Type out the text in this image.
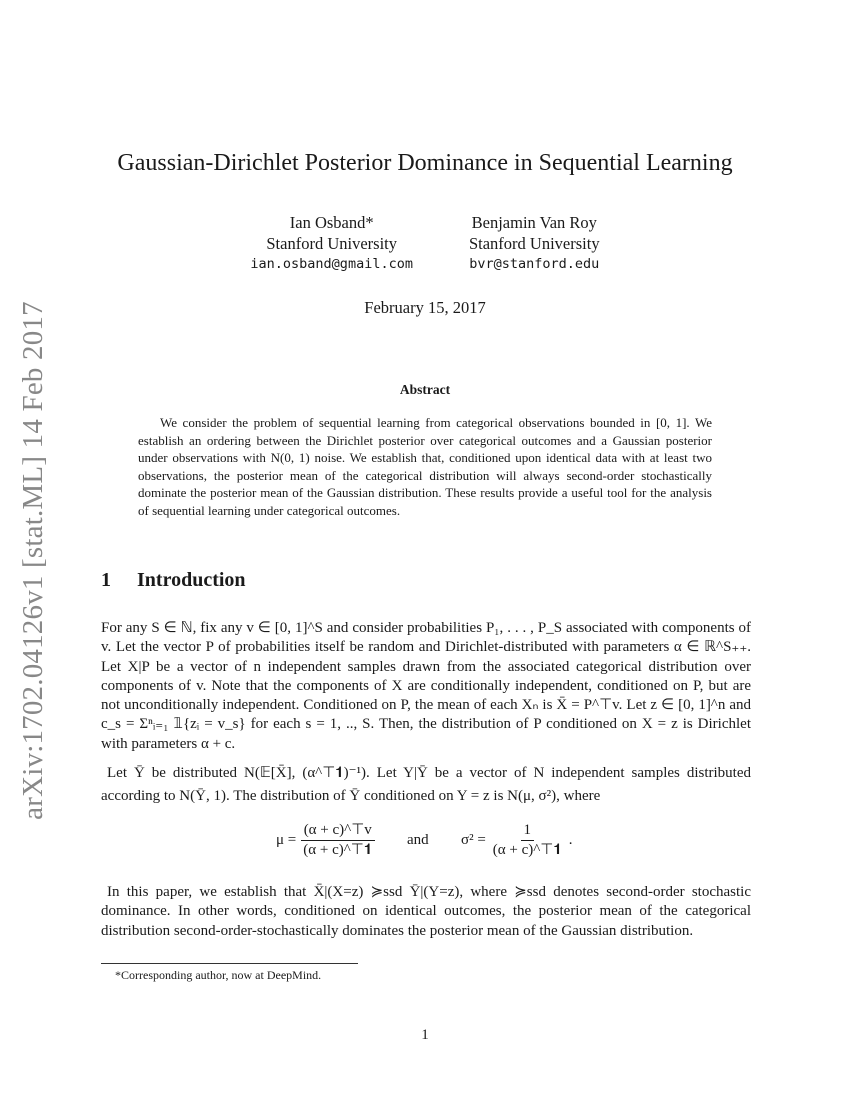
arXiv:1702.04126v1 [stat.ML] 14 Feb 2017
Gaussian-Dirichlet Posterior Dominance in Sequential Learning
Ian Osband*
Stanford University
ian.osband@gmail.com
Benjamin Van Roy
Stanford University
bvr@stanford.edu
February 15, 2017
Abstract

We consider the problem of sequential learning from categorical observations bounded in [0, 1]. We establish an ordering between the Dirichlet posterior over categorical outcomes and a Gaussian posterior under observations with N(0, 1) noise. We establish that, conditioned upon identical data with at least two observations, the posterior mean of the categorical distribution will always second-order stochastically dominate the posterior mean of the Gaussian distribution. These results provide a useful tool for the analysis of sequential learning under categorical outcomes.

1 Introduction

For any S ∈ ℕ, fix any v ∈ [0, 1]^S and consider probabilities P₁, . . . , P_S associated with components of v. Let the vector P of probabilities itself be random and Dirichlet-distributed with parameters α ∈ ℝ^S₊₊. Let X|P be a vector of n independent samples drawn from the associated categorical distribution over components of v. Note that the components of X are conditionally independent, conditioned on P, but are not unconditionally independent. Conditioned on P, the mean of each Xₙ is X̄ = P^⊤v. Let z ∈ [0, 1]^n and c_s = Σⁿᵢ₌₁ 𝟙{zᵢ = v_s} for each s = 1, .., S. Then, the distribution of P conditioned on X = z is Dirichlet with parameters α + c.

Let Ȳ be distributed N(𝔼[X̄], (α^⊤𝟏)⁻¹). Let Y|Ȳ be a vector of N independent samples distributed according to N(Ȳ, 1). The distribution of Ȳ conditioned on Y = z is N(μ, σ²), where

$\mu = \frac{(\alpha + c)\^{}⊤v}{(\alpha + c)\^{}⊤𝟏}$ and $\sigma^2 = \frac{1}{(\alpha + c)\^{}⊤𝟏}$ .

In this paper, we establish that X̄|(X=z) ≽ssd Ȳ|(Y=z), where ≽ssd denotes second-order stochastic dominance. In other words, conditioned on identical outcomes, the posterior mean of the categorical distribution second-order-stochastically dominates the posterior mean of the Gaussian distribution.

*Corresponding author, now at DeepMind.
1
